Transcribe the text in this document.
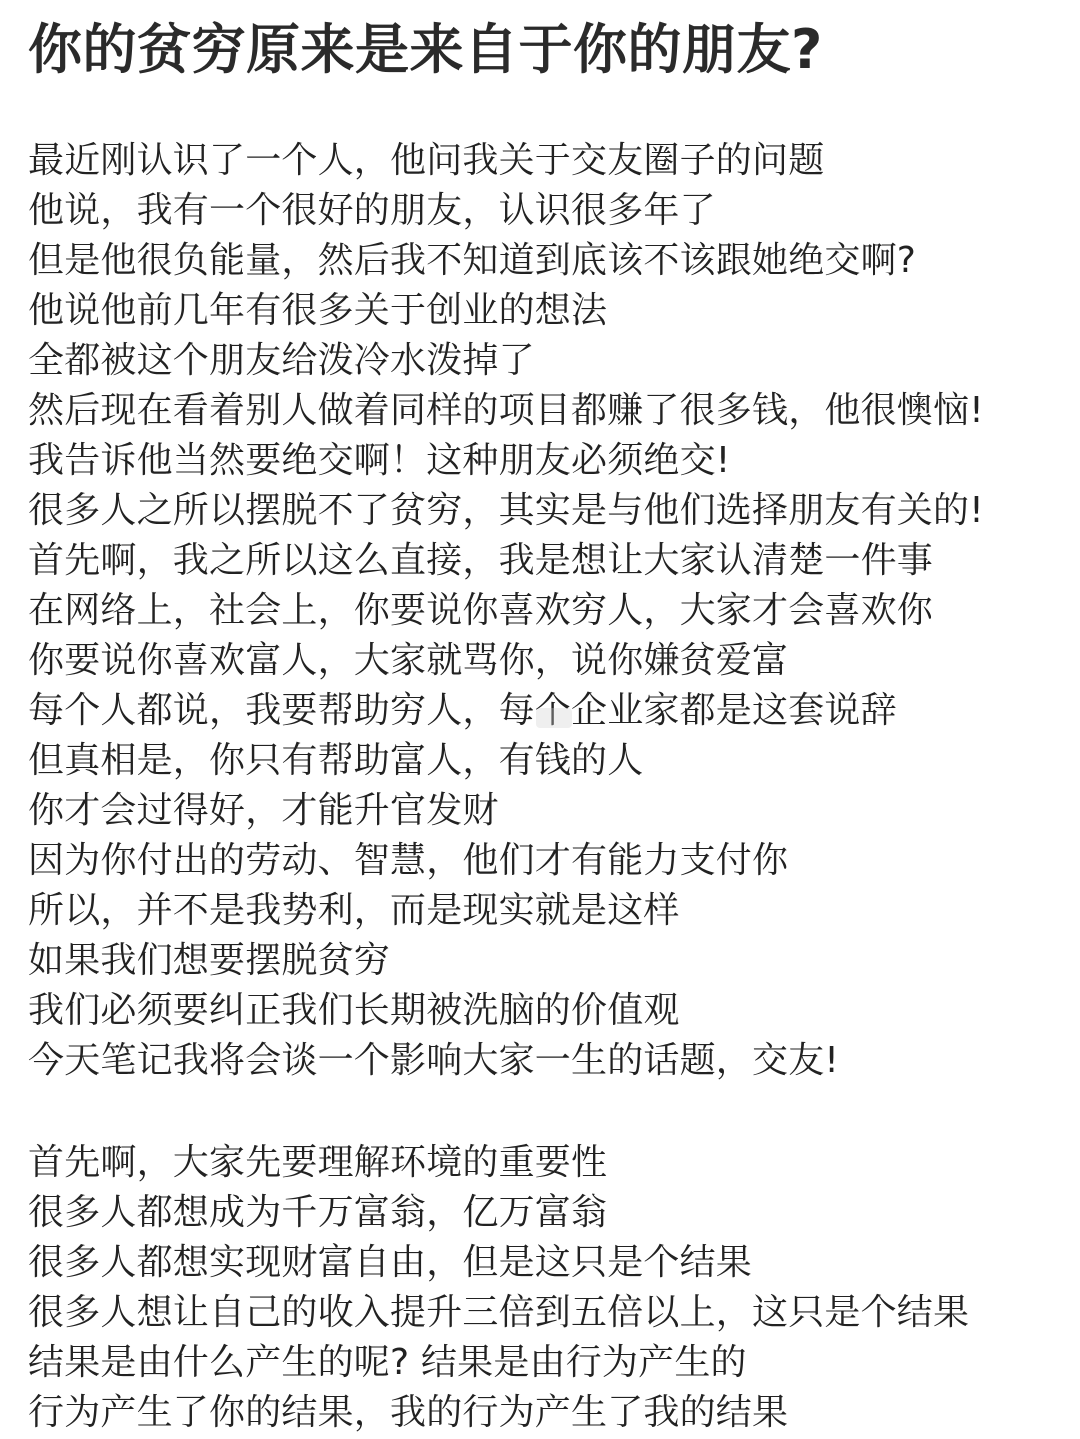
你的贫穷原来是来自于你的朋友?
最近刚认识了一个人，他问我关于交友圈子的问题
他说，我有一个很好的朋友，认识很多年了
但是他很负能量，然后我不知道到底该不该跟她绝交啊?
他说他前几年有很多关于创业的想法
全都被这个朋友给泼冷水泼掉了
然后现在看着别人做着同样的项目都赚了很多钱，他很懊恼!
我告诉他当然要绝交啊！这种朋友必须绝交!
很多人之所以摆脱不了贫穷，其实是与他们选择朋友有关的!
首先啊，我之所以这么直接，我是想让大家认清楚一件事
在网络上，社会上，你要说你喜欢穷人，大家才会喜欢你
你要说你喜欢富人，大家就骂你，说你嫌贫爱富
每个人都说，我要帮助穷人，每个企业家都是这套说辞
但真相是，你只有帮助富人，有钱的人
你才会过得好，才能升官发财
因为你付出的劳动、智慧，他们才有能力支付你
所以，并不是我势利，而是现实就是这样
如果我们想要摆脱贫穷
我们必须要纠正我们长期被洗脑的价值观
今天笔记我将会谈一个影响大家一生的话题，交友!
首先啊，大家先要理解环境的重要性
很多人都想成为千万富翁，亿万富翁
很多人都想实现财富自由，但是这只是个结果
很多人想让自己的收入提升三倍到五倍以上，这只是个结果
结果是由什么产生的呢? 结果是由行为产生的
行为产生了你的结果，我的行为产生了我的结果
